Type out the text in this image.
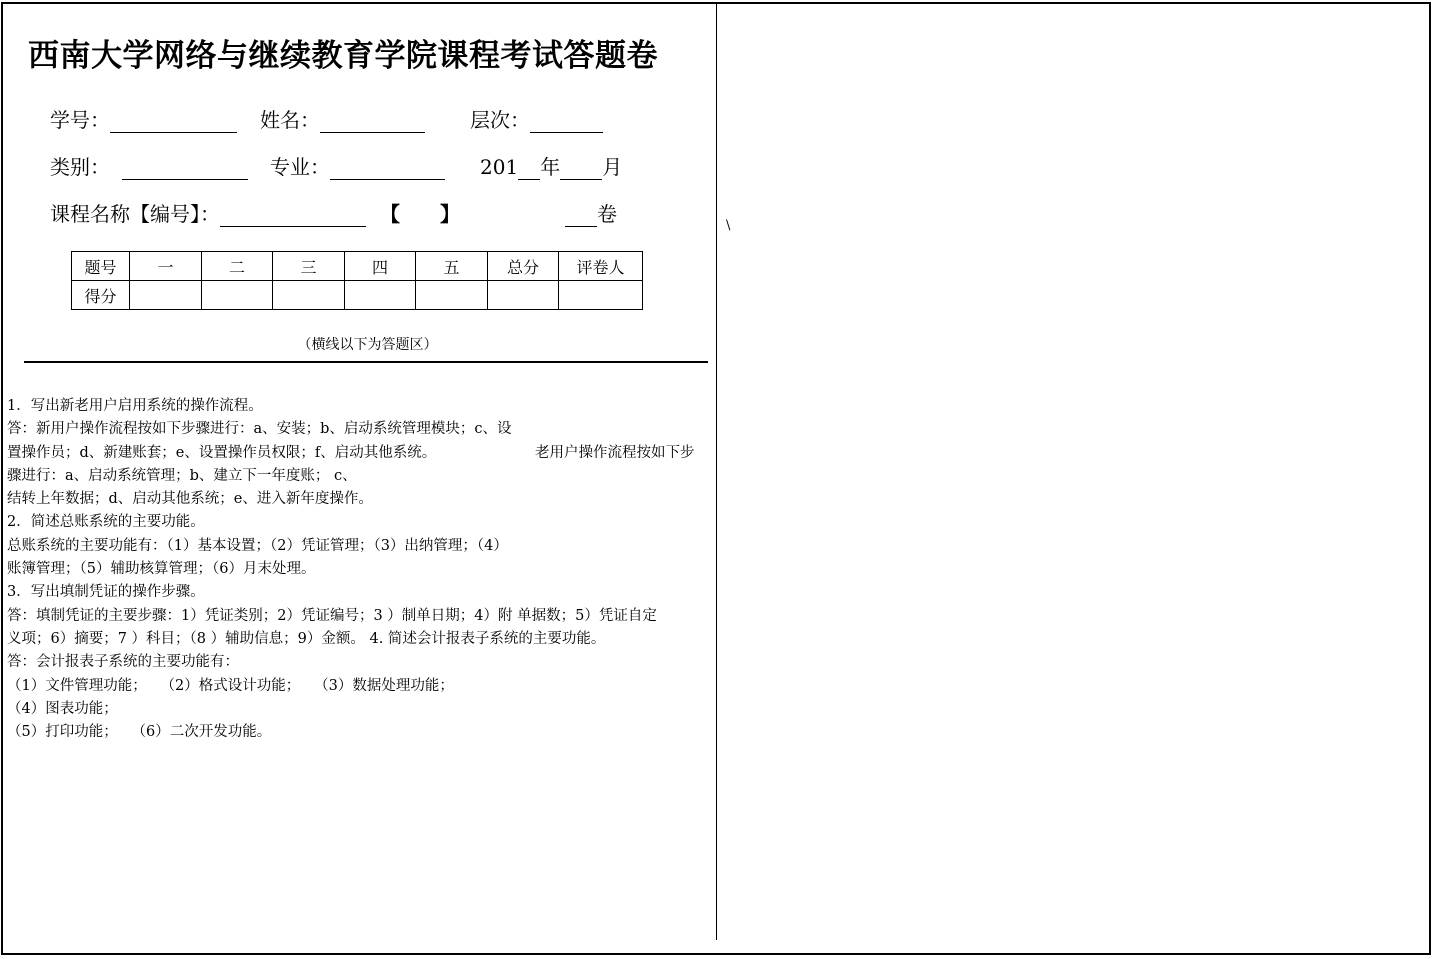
西南大学网络与继续教育学院课程考试答题卷
学号：	姓名：	层次：
类别：	专业：	201 年 月
课程名称【编号】：	【 】	卷
题号	一	二	三	四	五	总分	评卷人
得分							
（横线以下为答题区）
1．写出新老用户启用系统的操作流程。
答：新用户操作流程按如下步骤进行：a、安装；b、启动系统管理模块；c、设
置操作员；d、新建账套；e、设置操作员权限；f、启动其他系统。	老用户操作流程按如下步
骤进行：a、启动系统管理；b、建立下一年度账； c、
结转上年数据；d、启动其他系统；e、进入新年度操作。
2．简述总账系统的主要功能。
总账系统的主要功能有：（1）基本设置；（2）凭证管理；（3）出纳管理；（4）
账簿管理；（5）辅助核算管理；（6）月末处理。
3．写出填制凭证的操作步骤。
答：填制凭证的主要步骤：1）凭证类别；2）凭证编号；3 ）制单日期；4）附 单据数；5）凭证自定
义项；6）摘要；7 ）科目；（8 ）辅助信息；9）金额。 4. 简述会计报表子系统的主要功能。
答：会计报表子系统的主要功能有：
（1）文件管理功能；   （2）格式设计功能；   （3）数据处理功能；
（4）图表功能；
（5）打印功能；   （6）二次开发功能。
\
